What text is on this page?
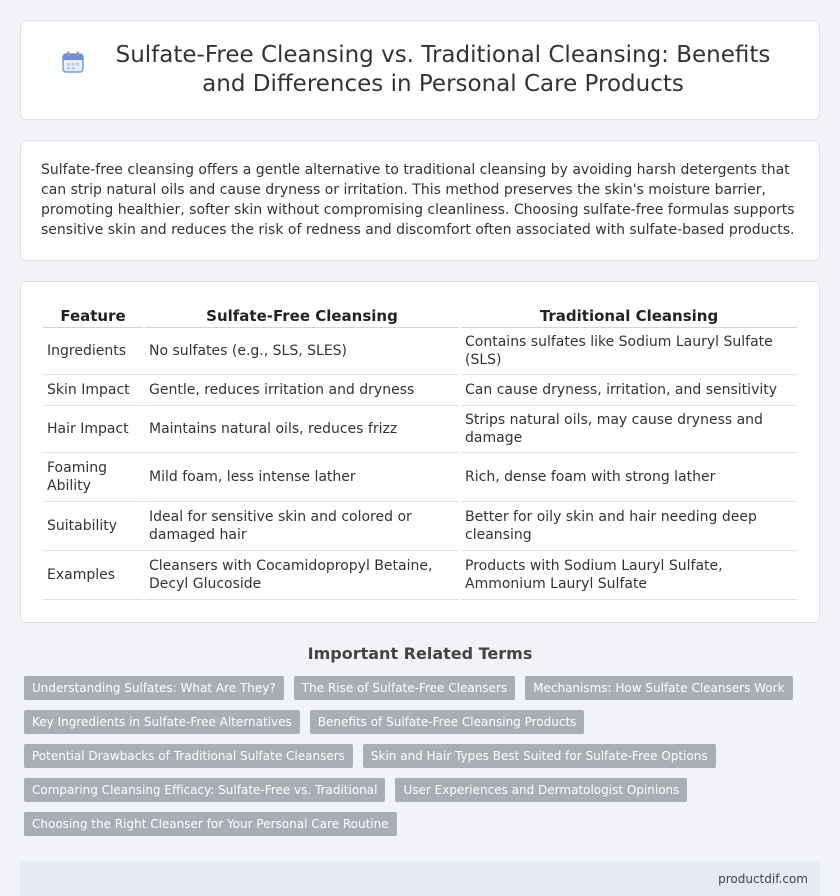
Sulfate-Free Cleansing vs. Traditional Cleansing: Benefits and Differences in Personal Care Products

Sulfate-free cleansing offers a gentle alternative to traditional cleansing by avoiding harsh detergents that can strip natural oils and cause dryness or irritation. This method preserves the skin's moisture barrier, promoting healthier, softer skin without compromising cleanliness. Choosing sulfate-free formulas supports sensitive skin and reduces the risk of redness and discomfort often associated with sulfate-based products.

Feature	Sulfate-Free Cleansing	Traditional Cleansing
Ingredients	No sulfates (e.g., SLS, SLES)	Contains sulfates like Sodium Lauryl Sulfate (SLS)
Skin Impact	Gentle, reduces irritation and dryness	Can cause dryness, irritation, and sensitivity
Hair Impact	Maintains natural oils, reduces frizz	Strips natural oils, may cause dryness and damage
Foaming Ability	Mild foam, less intense lather	Rich, dense foam with strong lather
Suitability	Ideal for sensitive skin and colored or damaged hair	Better for oily skin and hair needing deep cleansing
Examples	Cleansers with Cocamidopropyl Betaine, Decyl Glucoside	Products with Sodium Lauryl Sulfate, Ammonium Lauryl Sulfate
Important Related Terms
Understanding Sulfates: What Are They?	The Rise of Sulfate-Free Cleansers	Mechanisms: How Sulfate Cleansers Work
Key Ingredients in Sulfate-Free Alternatives	Benefits of Sulfate-Free Cleansing Products
Potential Drawbacks of Traditional Sulfate Cleansers	Skin and Hair Types Best Suited for Sulfate-Free Options
Comparing Cleansing Efficacy: Sulfate-Free vs. Traditional	User Experiences and Dermatologist Opinions
Choosing the Right Cleanser for Your Personal Care Routine
productdif.com
